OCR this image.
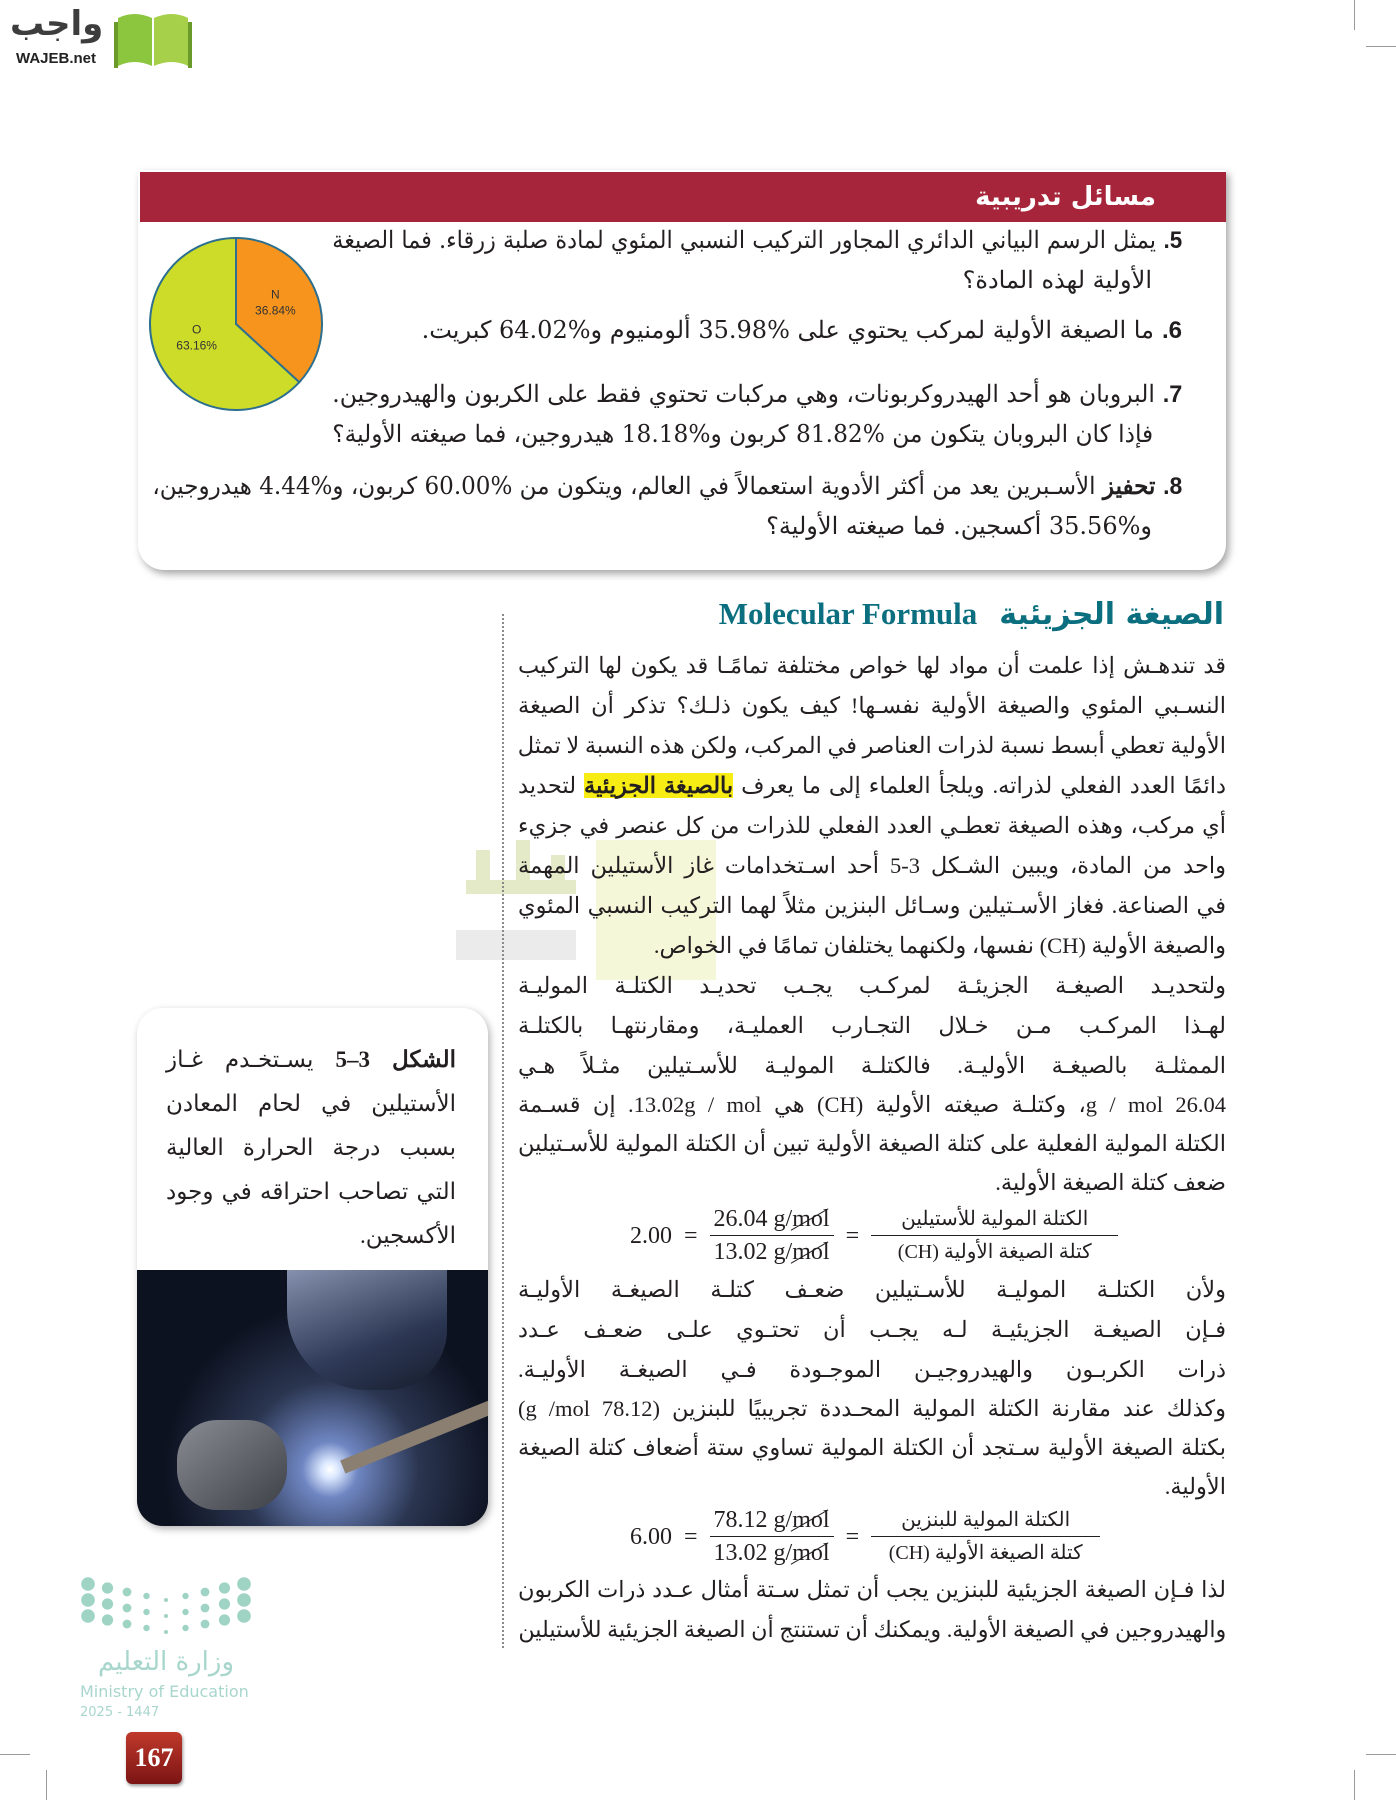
واجب
WAJEB.net
مسائل تدريبية
5.يمثل الرسم البياني الدائري المجاور التركيب النسبي المئوي لمادة صلبة زرقاء. فما الصيغة
الأولية لهذه المادة؟
6.ما الصيغة الأولية لمركب يحتوي على %35.98 ألومنيوم و%64.02 كبريت.
7.البروبان هو أحد الهيدروكربونات، وهي مركبات تحتوي فقط على الكربون والهيدروجين.
فإذا كان البروبان يتكون من %81.82 كربون و%18.18 هيدروجين، فما صيغته الأولية؟
8.تحفيز الأسـبرين يعد من أكثر الأدوية استعمالاً في العالم، ويتكون من %60.00 كربون، و%4.44 هيدروجين،
و%35.56 أكسجين. فما صيغته الأولية؟
N
36.84%
O
63.16%
الصيغة الجزيئيةMolecular Formula
قد تندهـش إذا علمت أن مواد لها خواص مختلفة تمامًـا قد يكون لها التركيب
النسـبي المئوي والصيغة الأولية نفسـها! كيف يكون ذلـك؟ تذكر أن الصيغة
الأولية تعطي أبسط نسبة لذرات العناصر في المركب، ولكن هذه النسبة لا تمثل
دائمًا العدد الفعلي لذراته. ويلجأ العلماء إلى ما يعرف بالصيغة الجزيئية لتحديد
أي مركب، وهذه الصيغة تعطـي العدد الفعلي للذرات من كل عنصر في جزيء
واحد من المادة، ويبين الشـكل 3-5 أحد اسـتخدامات غاز الأستيلين المهمة
في الصناعة. فغاز الأسـتيلين وسـائل البنزين مثلاً لهما التركيب النسبي المئوي
والصيغة الأولية (CH) نفسها، ولكنهما يختلفان تمامًا في الخواص.
ولتحديـد الصيغـة الجزيئـة لمركـب يجـب تحديـد الكتلـة الموليـة
لهـذا المركـب مـن خـلال التجـارب العمليـة، ومقارنتهـا بالكتلـة
الممثلـة بالصيغـة الأوليـة. فالكتلـة الموليـة للأسـتيلين مثـلاً هـي
26.04 g / mol، وكتلـة صيغته الأولية (CH) هي 13.02g / mol. إن قسـمة
الكتلة المولية الفعلية على كتلة الصيغة الأولية تبين أن الكتلة المولية للأسـتيلين
ضعف كتلة الصيغة الأولية.
$2.00 = \frac{\text{26.04 g/mol}}{\text{13.02 g/mol}} = \frac{\text{الكتلة المولية للأستيلين}}{\text{كتلة الصيغة الأولية (CH)}}$
ولأن الكتلـة الموليـة للأسـتيلين ضعـف كتلـة الصيغـة الأوليـة
فـإن الصيغـة الجزيئيـة لـه يجـب أن تحتـوي علـى ضعـف عـدد
ذرات الكربـون والهيدروجيـن الموجـودة فـي الصيغـة الأوليـة.
وكذلك عند مقارنة الكتلة المولية المحـددة تجريبيًا للبنزين (78.12 g /mol)
بكتلة الصيغة الأولية سـتجد أن الكتلة المولية تساوي ستة أضعاف كتلة الصيغة
الأولية.
$6.00 = \frac{\text{78.12 g/mol}}{\text{13.02 g/mol}} = \frac{\text{الكتلة المولية للبنزين}}{\text{كتلة الصيغة الأولية (CH)}}$
لذا فـإن الصيغة الجزيئية للبنزين يجب أن تمثل سـتة أمثال عـدد ذرات الكربون
والهيدروجين في الصيغة الأولية. ويمكنك أن تستنتج أن الصيغة الجزيئية للأستيلين
الشكل 3–5 يسـتخـدم غـاز الأستيلين في لحام المعادن بسبب درجة الحرارة العالية التي تصاحب احتراقه في وجود الأكسجين.
وزارة التعليم
Ministry of Education
2025 - 1447
167
